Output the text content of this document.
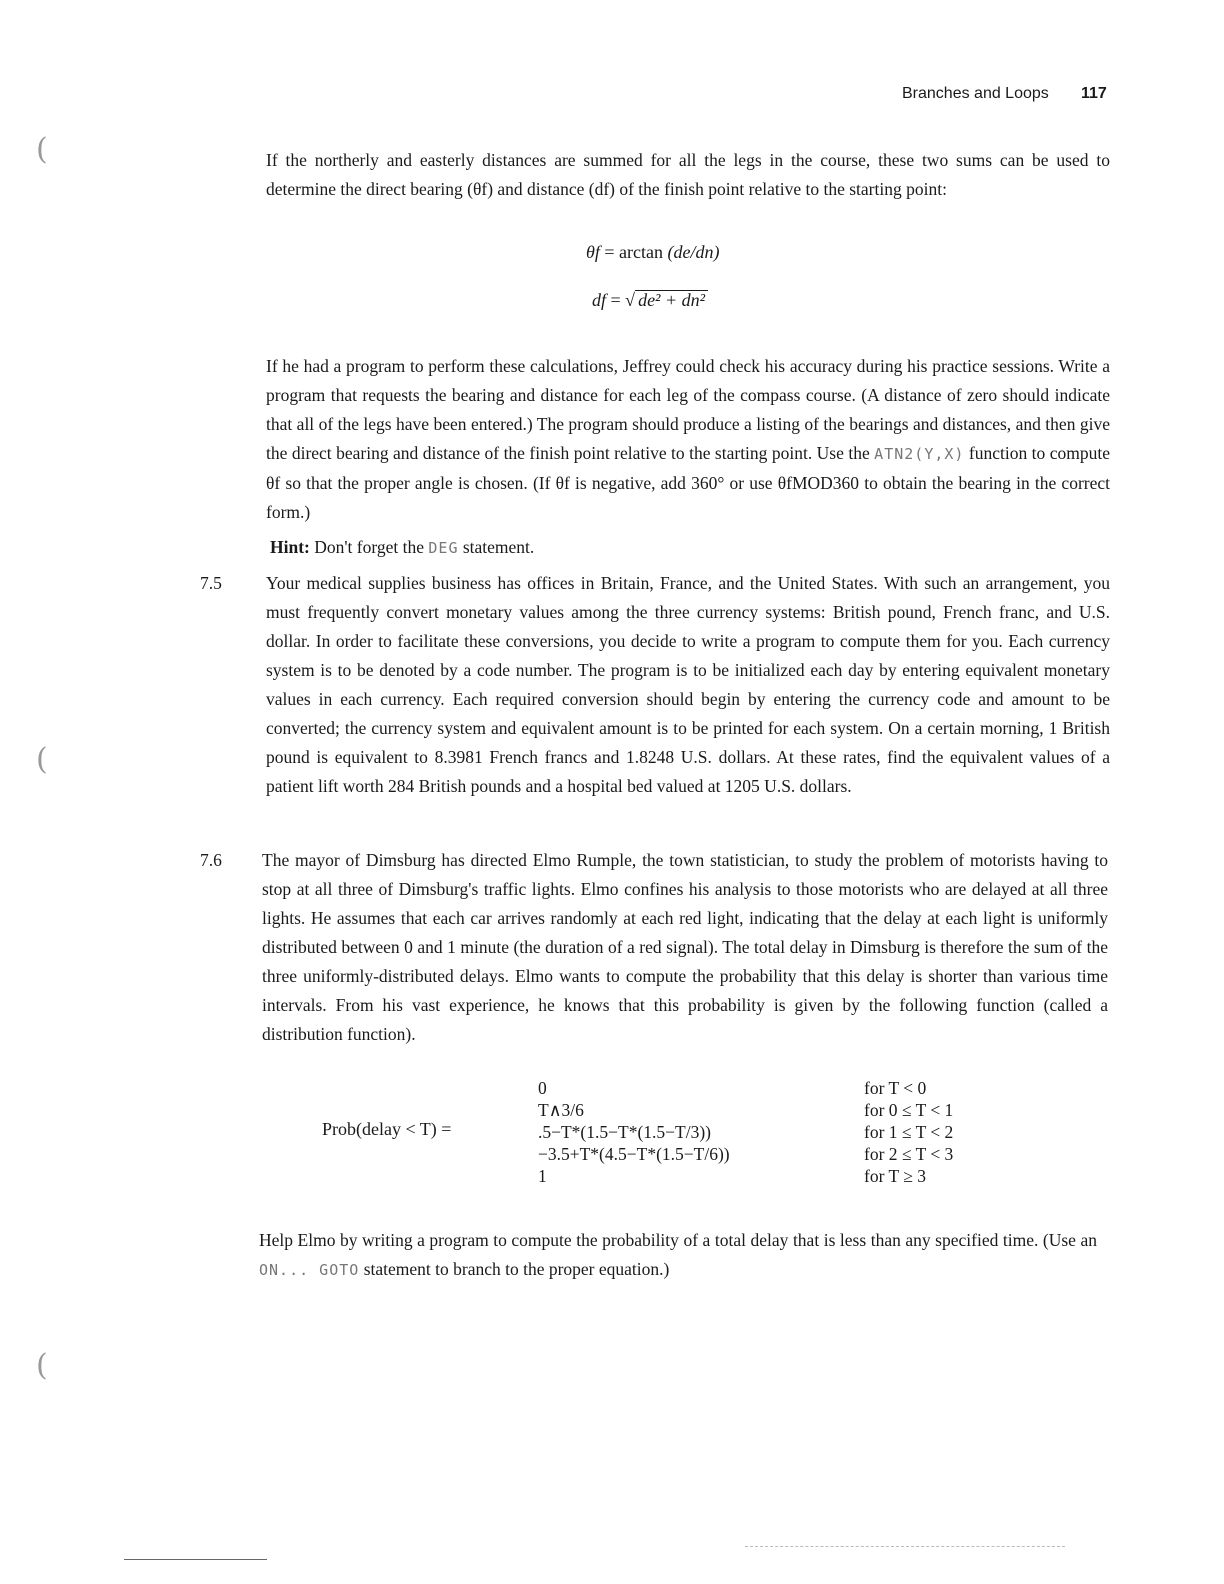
Branches and Loops 117

If the northerly and easterly distances are summed for all the legs in the course, these two sums can be used to determine the direct bearing (θf) and distance (df) of the finish point relative to the starting point:

θf = arctan (de/dn)
df = √ de² + dn²

If he had a program to perform these calculations, Jeffrey could check his accuracy during his practice sessions. Write a program that requests the bearing and distance for each leg of the compass course. (A distance of zero should indicate that all of the legs have been entered.) The program should produce a listing of the bearings and distances, and then give the direct bearing and distance of the finish point relative to the starting point. Use the ATN2(Y,X) function to compute θf so that the proper angle is chosen. (If θf is negative, add 360° or use θfMOD360 to obtain the bearing in the correct form.)

Hint: Don't forget the DEG statement.

7.5	Your medical supplies business has offices in Britain, France, and the United States. With such an arrangement, you must frequently convert monetary values among the three currency systems: British pound, French franc, and U.S. dollar. In order to facilitate these conversions, you decide to write a program to compute them for you. Each currency system is to be denoted by a code number. The program is to be initialized each day by entering equivalent monetary values in each currency. Each required conversion should begin by entering the currency code and amount to be converted; the currency system and equivalent amount is to be printed for each system. On a certain morning, 1 British pound is equivalent to 8.3981 French francs and 1.8248 U.S. dollars. At these rates, find the equivalent values of a patient lift worth 284 British pounds and a hospital bed valued at 1205 U.S. dollars.

7.6 The mayor of Dimsburg has directed Elmo Rumple, the town statistician, to study the problem of motorists having to stop at all three of Dimsburg's traffic lights. Elmo confines his analysis to those motorists who are delayed at all three lights. He assumes that each car arrives randomly at each red light, indicating that the delay at each light is uniformly distributed between 0 and 1 minute (the duration of a red signal). The total delay in Dimsburg is therefore the sum of the three uniformly-distributed delays. Elmo wants to compute the probability that this delay is shorter than various time intervals. From his vast experience, he knows that this probability is given by the following function (called a distribution function).

Prob(delay < T) =
0
T∧3/6
.5−T*(1.5−T*(1.5−T/3))
−3.5+T*(4.5−T*(1.5−T/6))
1
for T < 0
for 0 ≤ T < 1
for 1 ≤ T < 2
for 2 ≤ T < 3
for T ≥ 3

Help Elmo by writing a program to compute the probability of a total delay that is less than any specified time. (Use an ON... GOTO statement to branch to the proper equation.)

(
(
(
